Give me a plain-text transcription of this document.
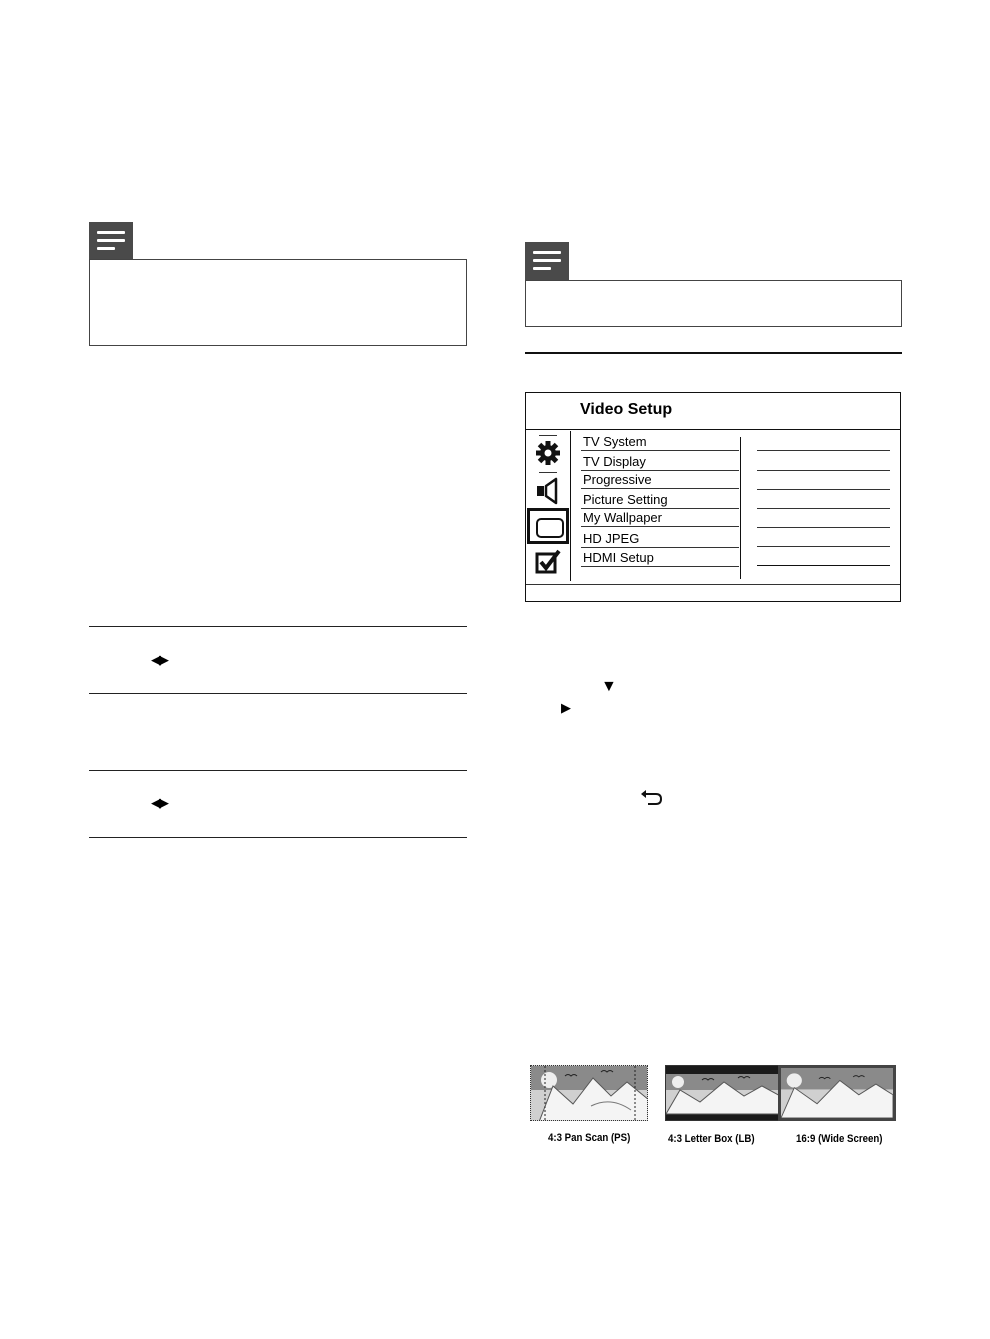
Video Setup
TV System
TV Display
Progressive
Picture Setting
My Wallpaper
HD JPEG
HDMI Setup
◀▶
◀▶
▼
▶
4:3 Pan Scan (PS)	4:3 Letter Box (LB)	16:9 (Wide Screen)
